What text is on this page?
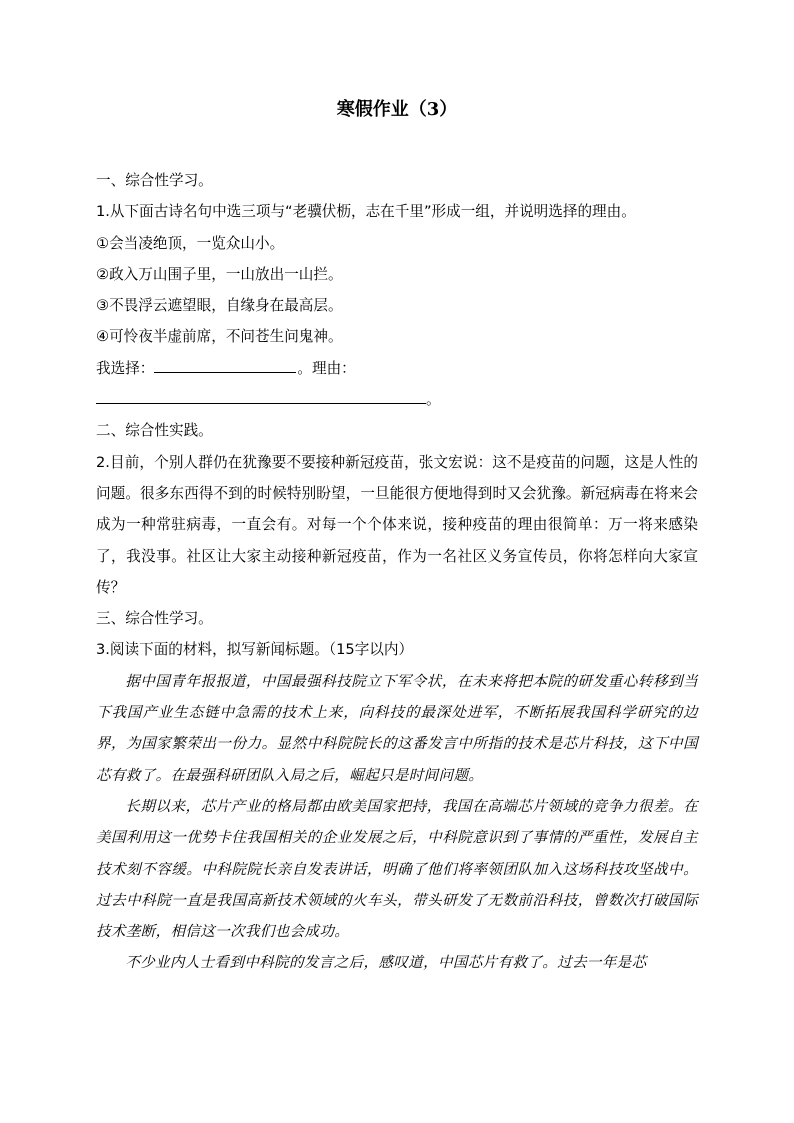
寒假作业（3）
一、综合性学习。
1.从下面古诗名句中选三项与“老骥伏枥，志在千里”形成一组，并说明选择的理由。
①会当凌绝顶，一览众山小。
②政入万山围子里，一山放出一山拦。
③不畏浮云遮望眼，自缘身在最高层。
④可怜夜半虚前席，不问苍生问鬼神。
我选择：	。理由：
。
二、综合性实践。
2.目前，个别人群仍在犹豫要不要接种新冠疫苗，张文宏说：这不是疫苗的问题，这是人性的问题。很多东西得不到的时候特别盼望，一旦能很方便地得到时又会犹豫。新冠病毒在将来会成为一种常驻病毒，一直会有。对每一个个体来说，接种疫苗的理由很简单：万一将来感染了，我没事。社区让大家主动接种新冠疫苗，作为一名社区义务宣传员，你将怎样向大家宣传？
三、综合性学习。
3.阅读下面的材料，拟写新闻标题。（15字以内）

据中国青年报报道，中国最强科技院立下军令状，在未来将把本院的研发重心转移到当下我国产业生态链中急需的技术上来，向科技的最深处进军，不断拓展我国科学研究的边界，为国家繁荣出一份力。显然中科院院长的这番发言中所指的技术是芯片科技，这下中国芯有救了。在最强科研团队入局之后，崛起只是时间问题。

长期以来，芯片产业的格局都由欧美国家把持，我国在高端芯片领域的竞争力很差。在美国利用这一优势卡住我国相关的企业发展之后，中科院意识到了事情的严重性，发展自主技术刻不容缓。中科院院长亲自发表讲话，明确了他们将率领团队加入这场科技攻坚战中。过去中科院一直是我国高新技术领域的火车头，带头研发了无数前沿科技，曾数次打破国际技术垄断，相信这一次我们也会成功。

不少业内人士看到中科院的发言之后，感叹道，中国芯片有救了。过去一年是芯
